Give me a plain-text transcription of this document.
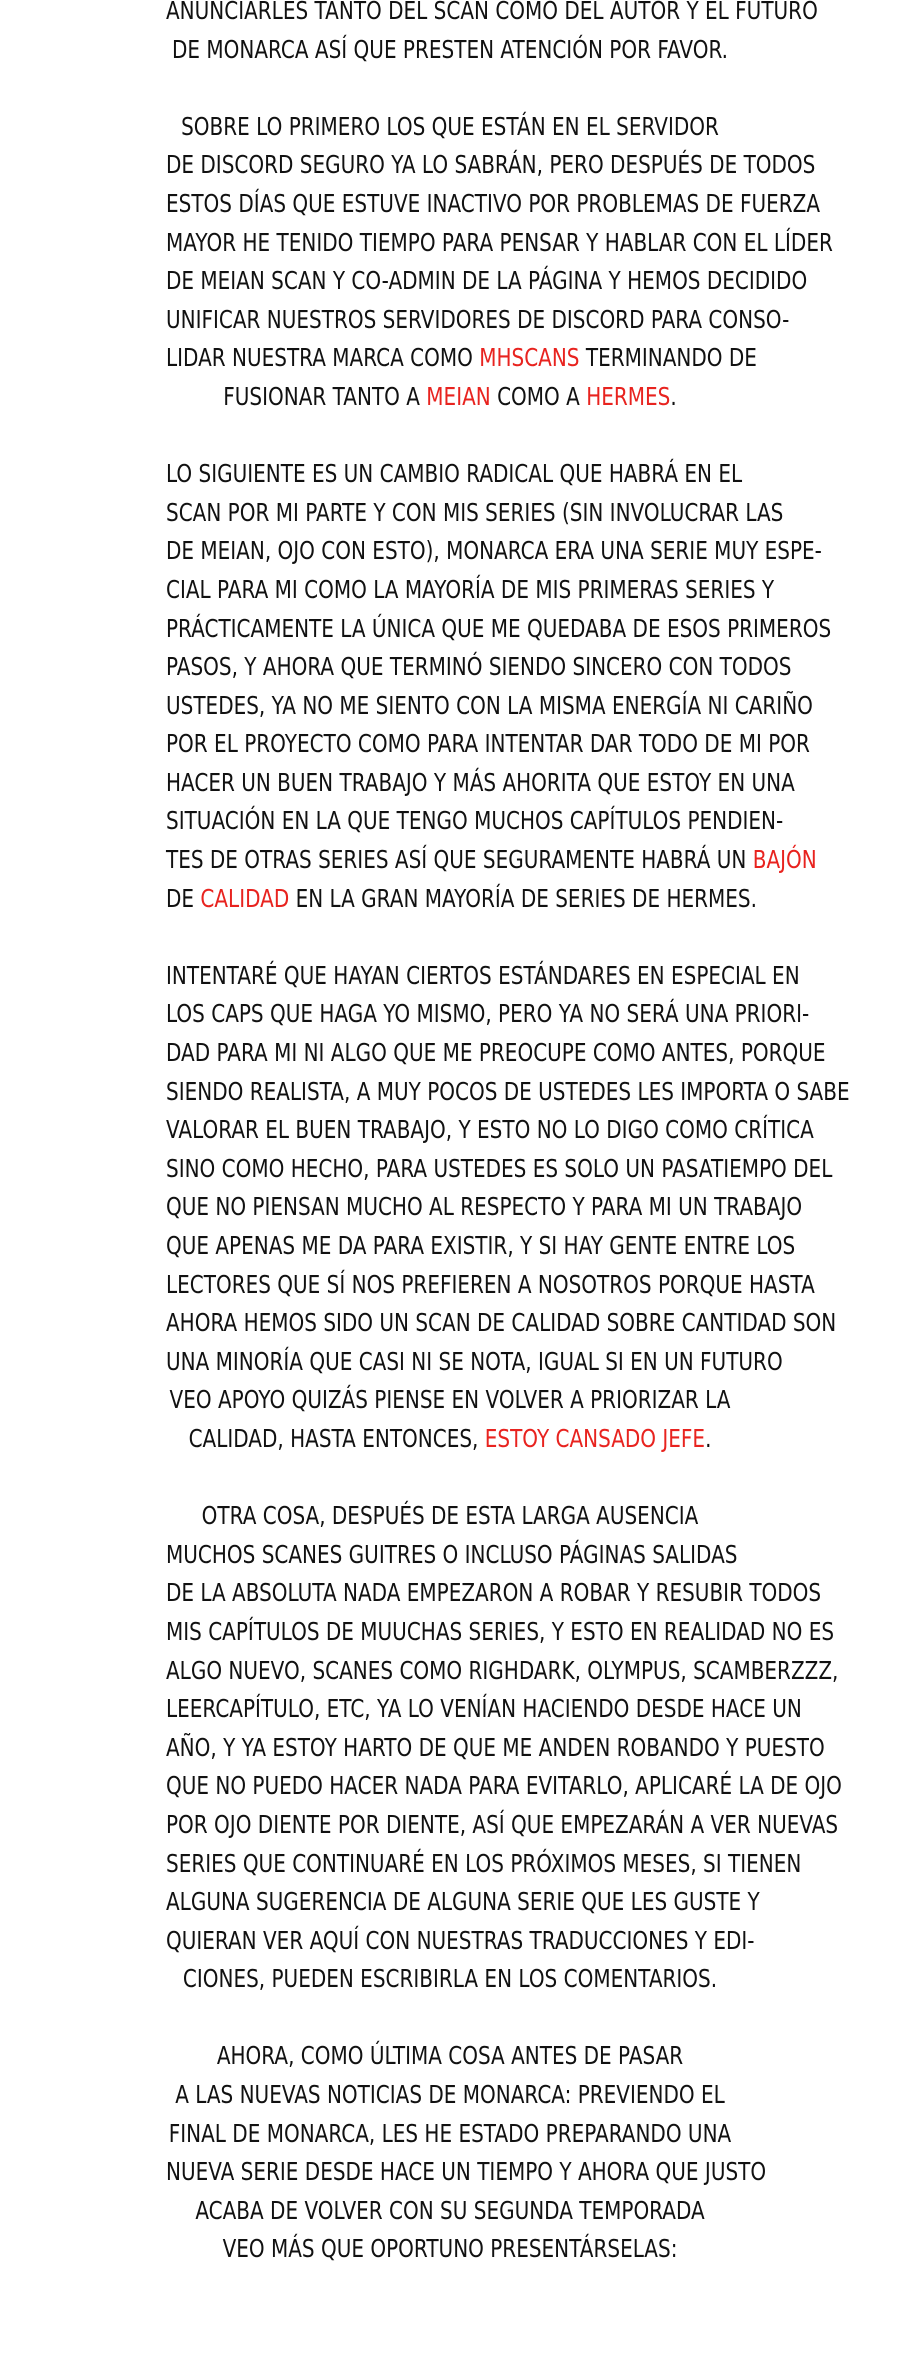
ANUNCIARLES TANTO DEL SCAN COMO DEL AUTOR Y EL FUTURO
DE MONARCA ASÍ QUE PRESTEN ATENCIÓN POR FAVOR.
SOBRE LO PRIMERO LOS QUE ESTÁN EN EL SERVIDOR
DE DISCORD SEGURO YA LO SABRÁN, PERO DESPUÉS DE TODOS
ESTOS DÍAS QUE ESTUVE INACTIVO POR PROBLEMAS DE FUERZA
MAYOR HE TENIDO TIEMPO PARA PENSAR Y HABLAR CON EL LÍDER
DE MEIAN SCAN Y CO-ADMIN DE LA PÁGINA Y HEMOS DECIDIDO
UNIFICAR NUESTROS SERVIDORES DE DISCORD PARA CONSO-
LIDAR NUESTRA MARCA COMO MHSCANS TERMINANDO DE
FUSIONAR TANTO A MEIAN COMO A HERMES.
LO SIGUIENTE ES UN CAMBIO RADICAL QUE HABRÁ EN EL
SCAN POR MI PARTE Y CON MIS SERIES (SIN INVOLUCRAR LAS
DE MEIAN, OJO CON ESTO), MONARCA ERA UNA SERIE MUY ESPE-
CIAL PARA MI COMO LA MAYORÍA DE MIS PRIMERAS SERIES Y
PRÁCTICAMENTE LA ÚNICA QUE ME QUEDABA DE ESOS PRIMEROS
PASOS, Y AHORA QUE TERMINÓ SIENDO SINCERO CON TODOS
USTEDES, YA NO ME SIENTO CON LA MISMA ENERGÍA NI CARIÑO
POR EL PROYECTO COMO PARA INTENTAR DAR TODO DE MI POR
HACER UN BUEN TRABAJO Y MÁS AHORITA QUE ESTOY EN UNA
SITUACIÓN EN LA QUE TENGO MUCHOS CAPÍTULOS PENDIEN-
TES DE OTRAS SERIES ASÍ QUE SEGURAMENTE HABRÁ UN BAJÓN
DE CALIDAD EN LA GRAN MAYORÍA DE SERIES DE HERMES.
INTENTARÉ QUE HAYAN CIERTOS ESTÁNDARES EN ESPECIAL EN
LOS CAPS QUE HAGA YO MISMO, PERO YA NO SERÁ UNA PRIORI-
DAD PARA MI NI ALGO QUE ME PREOCUPE COMO ANTES, PORQUE
SIENDO REALISTA, A MUY POCOS DE USTEDES LES IMPORTA O SABE
VALORAR EL BUEN TRABAJO, Y ESTO NO LO DIGO COMO CRÍTICA
SINO COMO HECHO, PARA USTEDES ES SOLO UN PASATIEMPO DEL
QUE NO PIENSAN MUCHO AL RESPECTO Y PARA MI UN TRABAJO
QUE APENAS ME DA PARA EXISTIR, Y SI HAY GENTE ENTRE LOS
LECTORES QUE SÍ NOS PREFIEREN A NOSOTROS PORQUE HASTA
AHORA HEMOS SIDO UN SCAN DE CALIDAD SOBRE CANTIDAD SON
UNA MINORÍA QUE CASI NI SE NOTA, IGUAL SI EN UN FUTURO
VEO APOYO QUIZÁS PIENSE EN VOLVER A PRIORIZAR LA
CALIDAD, HASTA ENTONCES, ESTOY CANSADO JEFE.
OTRA COSA, DESPUÉS DE ESTA LARGA AUSENCIA
MUCHOS SCANES GUITRES O INCLUSO PÁGINAS SALIDAS
DE LA ABSOLUTA NADA EMPEZARON A ROBAR Y RESUBIR TODOS
MIS CAPÍTULOS DE MUUCHAS SERIES, Y ESTO EN REALIDAD NO ES
ALGO NUEVO, SCANES COMO RIGHDARK, OLYMPUS, SCAMBERZZZ,
LEERCAPÍTULO, ETC, YA LO VENÍAN HACIENDO DESDE HACE UN
AÑO, Y YA ESTOY HARTO DE QUE ME ANDEN ROBANDO Y PUESTO
QUE NO PUEDO HACER NADA PARA EVITARLO, APLICARÉ LA DE OJO
POR OJO DIENTE POR DIENTE, ASÍ QUE EMPEZARÁN A VER NUEVAS
SERIES QUE CONTINUARÉ EN LOS PRÓXIMOS MESES, SI TIENEN
ALGUNA SUGERENCIA DE ALGUNA SERIE QUE LES GUSTE Y
QUIERAN VER AQUÍ CON NUESTRAS TRADUCCIONES Y EDI-
CIONES, PUEDEN ESCRIBIRLA EN LOS COMENTARIOS.
AHORA, COMO ÚLTIMA COSA ANTES DE PASAR
A LAS NUEVAS NOTICIAS DE MONARCA: PREVIENDO EL
FINAL DE MONARCA, LES HE ESTADO PREPARANDO UNA
NUEVA SERIE DESDE HACE UN TIEMPO Y AHORA QUE JUSTO
ACABA DE VOLVER CON SU SEGUNDA TEMPORADA
VEO MÁS QUE OPORTUNO PRESENTÁRSELAS:
